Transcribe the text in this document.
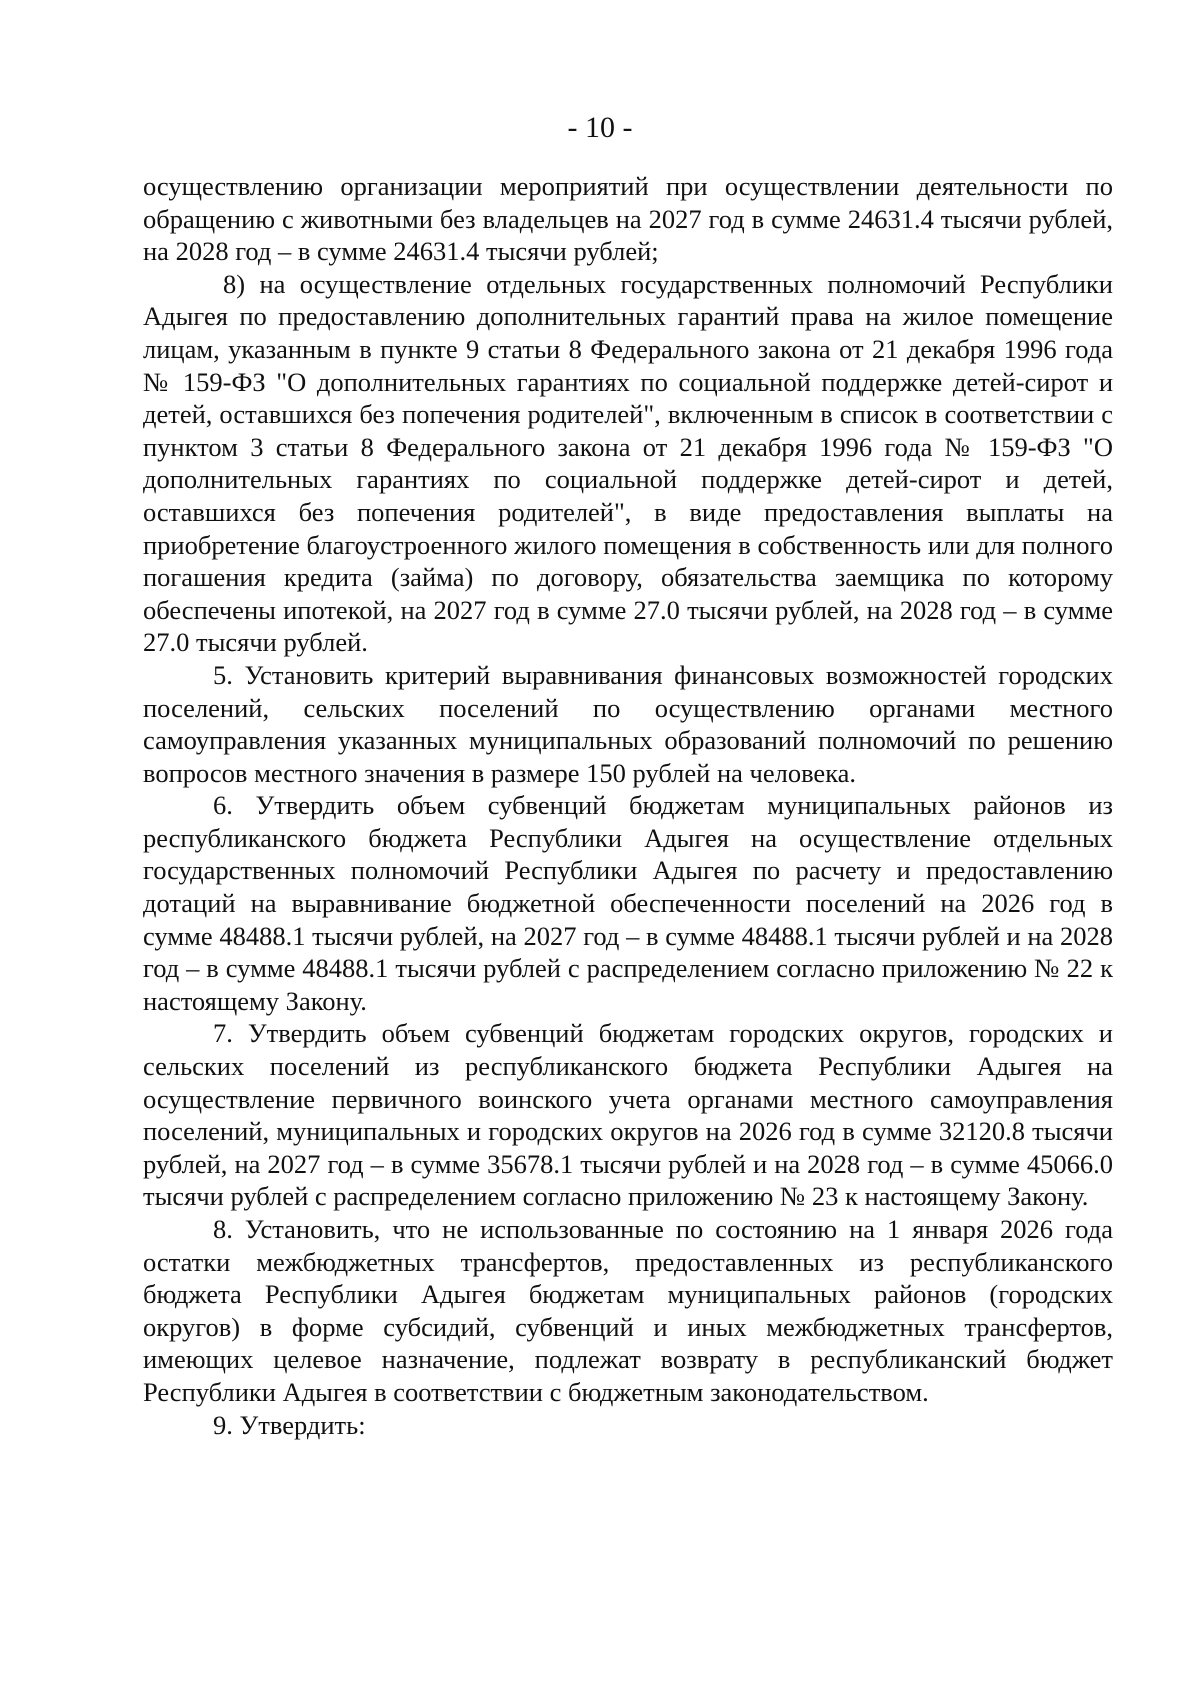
- 10 -

осуществлению организации мероприятий при осуществлении деятельности по обращению с животными без владельцев на 2027 год в сумме 24631.4 тысячи рублей, на 2028 год – в сумме 24631.4 тысячи рублей;

8) на осуществление отдельных государственных полномочий Республики Адыгея по предоставлению дополнительных гарантий права на жилое помещение лицам, указанным в пункте 9 статьи 8 Федерального закона от 21 декабря 1996 года № 159-ФЗ "О дополнительных гарантиях по социальной поддержке детей-сирот и детей, оставшихся без попечения родителей", включенным в список в соответствии с пунктом 3 статьи 8 Федерального закона от 21 декабря 1996 года № 159-ФЗ "О дополнительных гарантиях по социальной поддержке детей-сирот и детей, оставшихся без попечения родителей", в виде предоставления выплаты на приобретение благоустроенного жилого помещения в собственность или для полного погашения кредита (займа) по договору, обязательства заемщика по которому обеспечены ипотекой, на 2027 год в сумме 27.0 тысячи рублей, на 2028 год – в сумме 27.0 тысячи рублей.

5. Установить критерий выравнивания финансовых возможностей городских поселений, сельских поселений по осуществлению органами местного самоуправления указанных муниципальных образований полномочий по решению вопросов местного значения в размере 150 рублей на человека.

6. Утвердить объем субвенций бюджетам муниципальных районов из республиканского бюджета Республики Адыгея на осуществление отдельных государственных полномочий Республики Адыгея по расчету и предоставлению дотаций на выравнивание бюджетной обеспеченности поселений на 2026 год в сумме 48488.1 тысячи рублей, на 2027 год – в сумме 48488.1 тысячи рублей и на 2028 год – в сумме 48488.1 тысячи рублей с распределением согласно приложению № 22 к настоящему Закону.

7. Утвердить объем субвенций бюджетам городских округов, городских и сельских поселений из республиканского бюджета Республики Адыгея на осуществление первичного воинского учета органами местного самоуправления поселений, муниципальных и городских округов на 2026 год в сумме 32120.8 тысячи рублей, на 2027 год – в сумме 35678.1 тысячи рублей и на 2028 год – в сумме 45066.0 тысячи рублей с распределением согласно приложению № 23 к настоящему Закону.

8. Установить, что не использованные по состоянию на 1 января 2026 года остатки межбюджетных трансфертов, предоставленных из республиканского бюджета Республики Адыгея бюджетам муниципальных районов (городских округов) в форме субсидий, субвенций и иных межбюджетных трансфертов, имеющих целевое назначение, подлежат возврату в республиканский бюджет Республики Адыгея в соответствии с бюджетным законодательством.

9. Утвердить:
